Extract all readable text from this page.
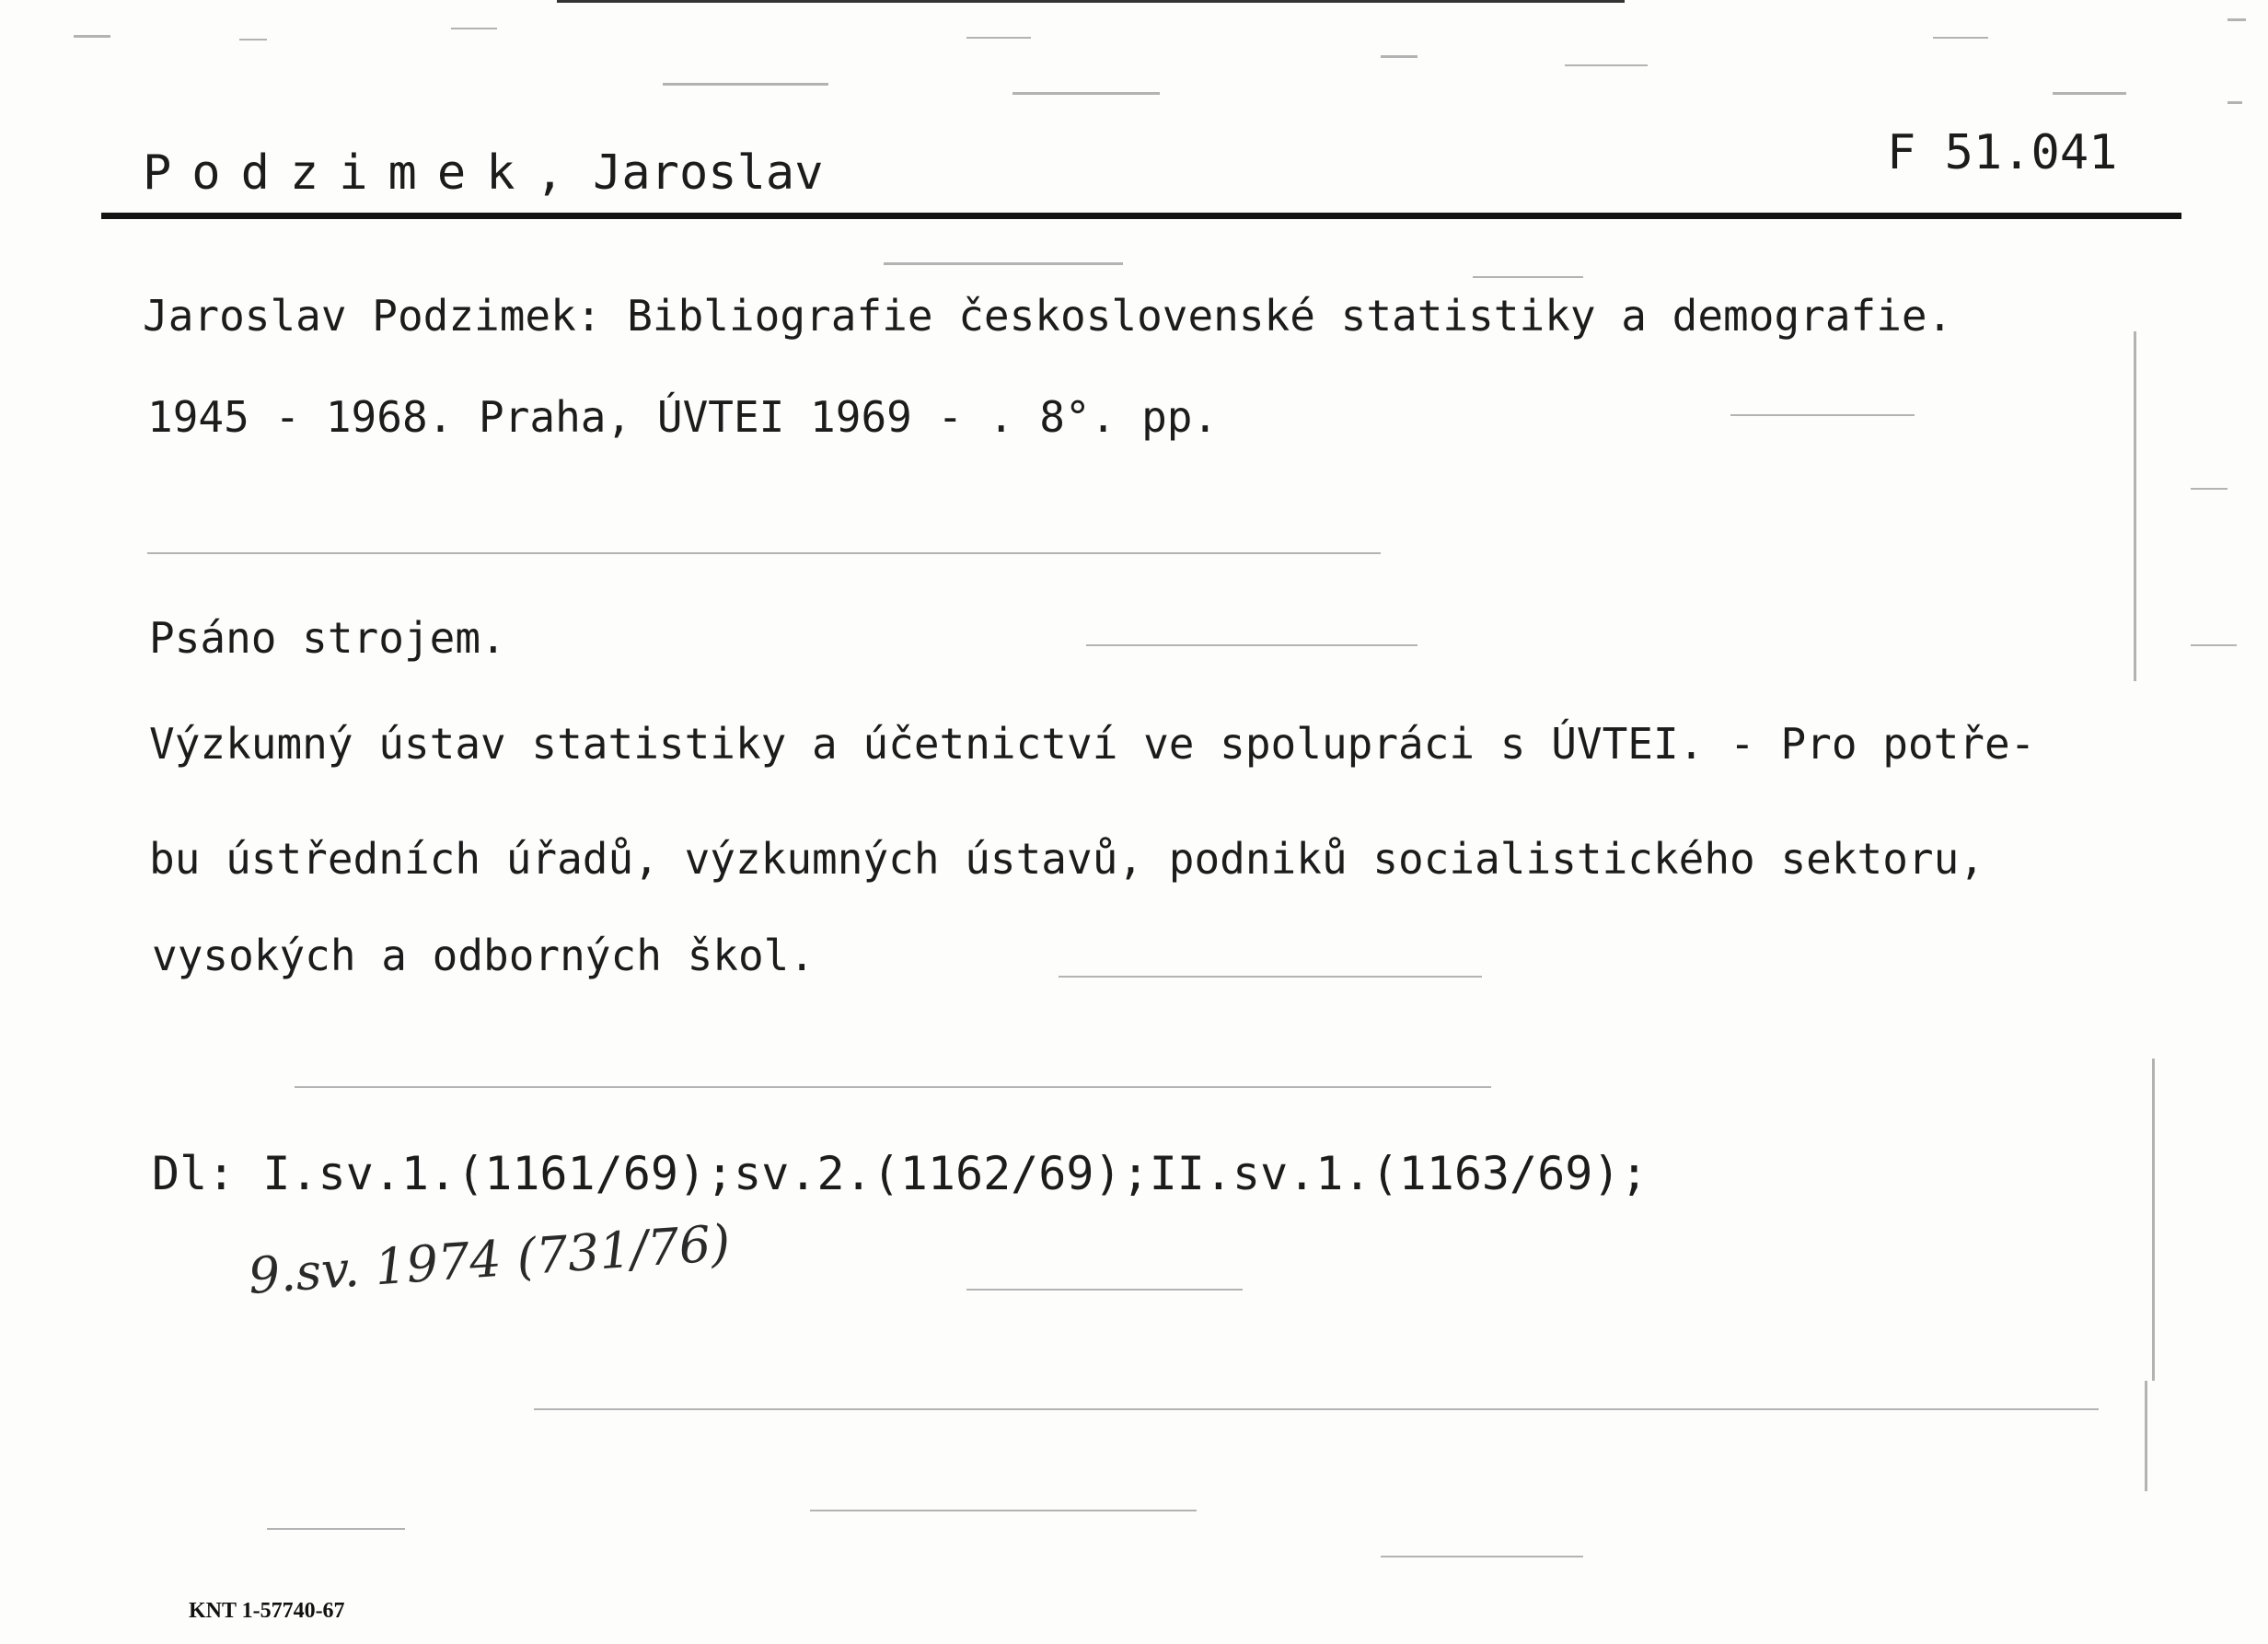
Podzimek, Jaroslav	F 51.041
Jaroslav Podzimek: Bibliografie československé statistiky a demografie.
1945 - 1968. Praha, ÚVTEI 1969 - . 8°. pp.
Psáno strojem.
Výzkumný ústav statistiky a účetnictví ve spolupráci s ÚVTEI. - Pro potře-
bu ústředních úřadů, výzkumných ústavů, podniků socialistického sektoru,
vysokých a odborných škol.
Dl: I.sv.1.(1161/69);sv.2.(1162/69);II.sv.1.(1163/69);
9.sv. 1974 (731/76)
KNT 1-57740-67
